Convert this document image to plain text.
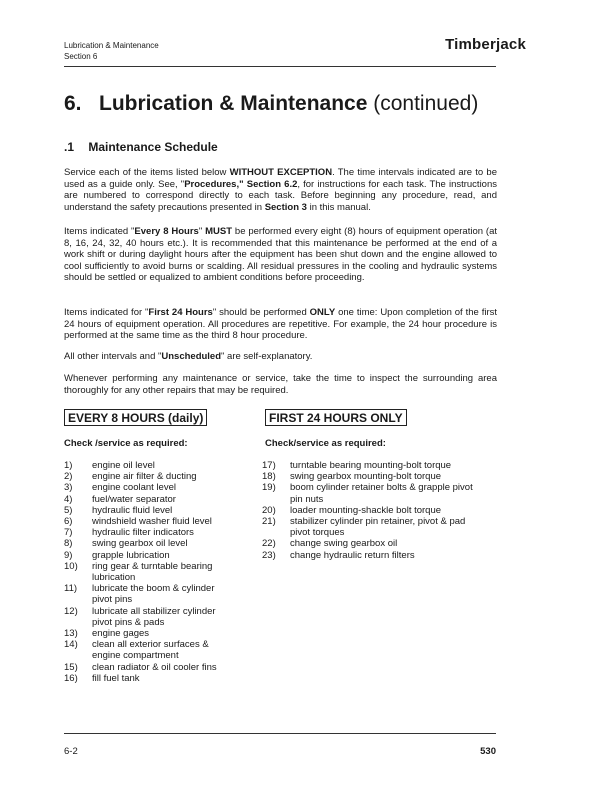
Lubrication & Maintenance
Section 6
Timberjack
6. Lubrication & Maintenance (continued)
.1 Maintenance Schedule
Service each of the items listed below WITHOUT EXCEPTION. The time intervals indicated are to be used as a guide only. See, "Procedures," Section 6.2, for instructions for each task. The instructions are numbered to correspond directly to each task. Before beginning any procedure, read, and understand the safety precautions presented in Section 3 in this manual.
Items indicated "Every 8 Hours" MUST be performed every eight (8) hours of equipment operation (at 8, 16, 24, 32, 40 hours etc.). It is recommended that this maintenance be performed at the end of a work shift or during daylight hours after the equipment has been shut down and the engine allowed to cool sufficiently to avoid burns or scalding. All residual pressures in the cooling and hydraulic systems should be settled or equalized to ambient conditions before proceeding.
Items indicated for "First 24 Hours" should be performed ONLY one time: Upon completion of the first 24 hours of equipment operation. All procedures are repetitive. For example, the 24 hour procedure is performed at the same time as the third 8 hour procedure.
All other intervals and "Unscheduled" are self-explanatory.
Whenever performing any maintenance or service, take the time to inspect the surrounding area thoroughly for any other repairs that may be required.
EVERY 8 HOURS (daily)
Check /service as required:
1) engine oil level
2) engine air filter & ducting
3) engine coolant level
4) fuel/water separator
5) hydraulic fluid level
6) windshield washer fluid level
7) hydraulic filter indicators
8) swing gearbox oil level
9) grapple lubrication
10) ring gear & turntable bearing lubrication
11) lubricate the boom & cylinder pivot pins
12) lubricate all stabilizer cylinder pivot pins & pads
13) engine gages
14) clean all exterior surfaces & engine compartment
15) clean radiator & oil cooler fins
16) fill fuel tank
FIRST 24 HOURS ONLY
Check/service as required:
17) turntable bearing mounting-bolt torque
18) swing gearbox mounting-bolt torque
19) boom cylinder retainer bolts & grapple pivot pin nuts
20) loader mounting-shackle bolt torque
21) stabilizer cylinder pin retainer, pivot & pad pivot torques
22) change swing gearbox oil
23) change hydraulic return filters
6-2	530
